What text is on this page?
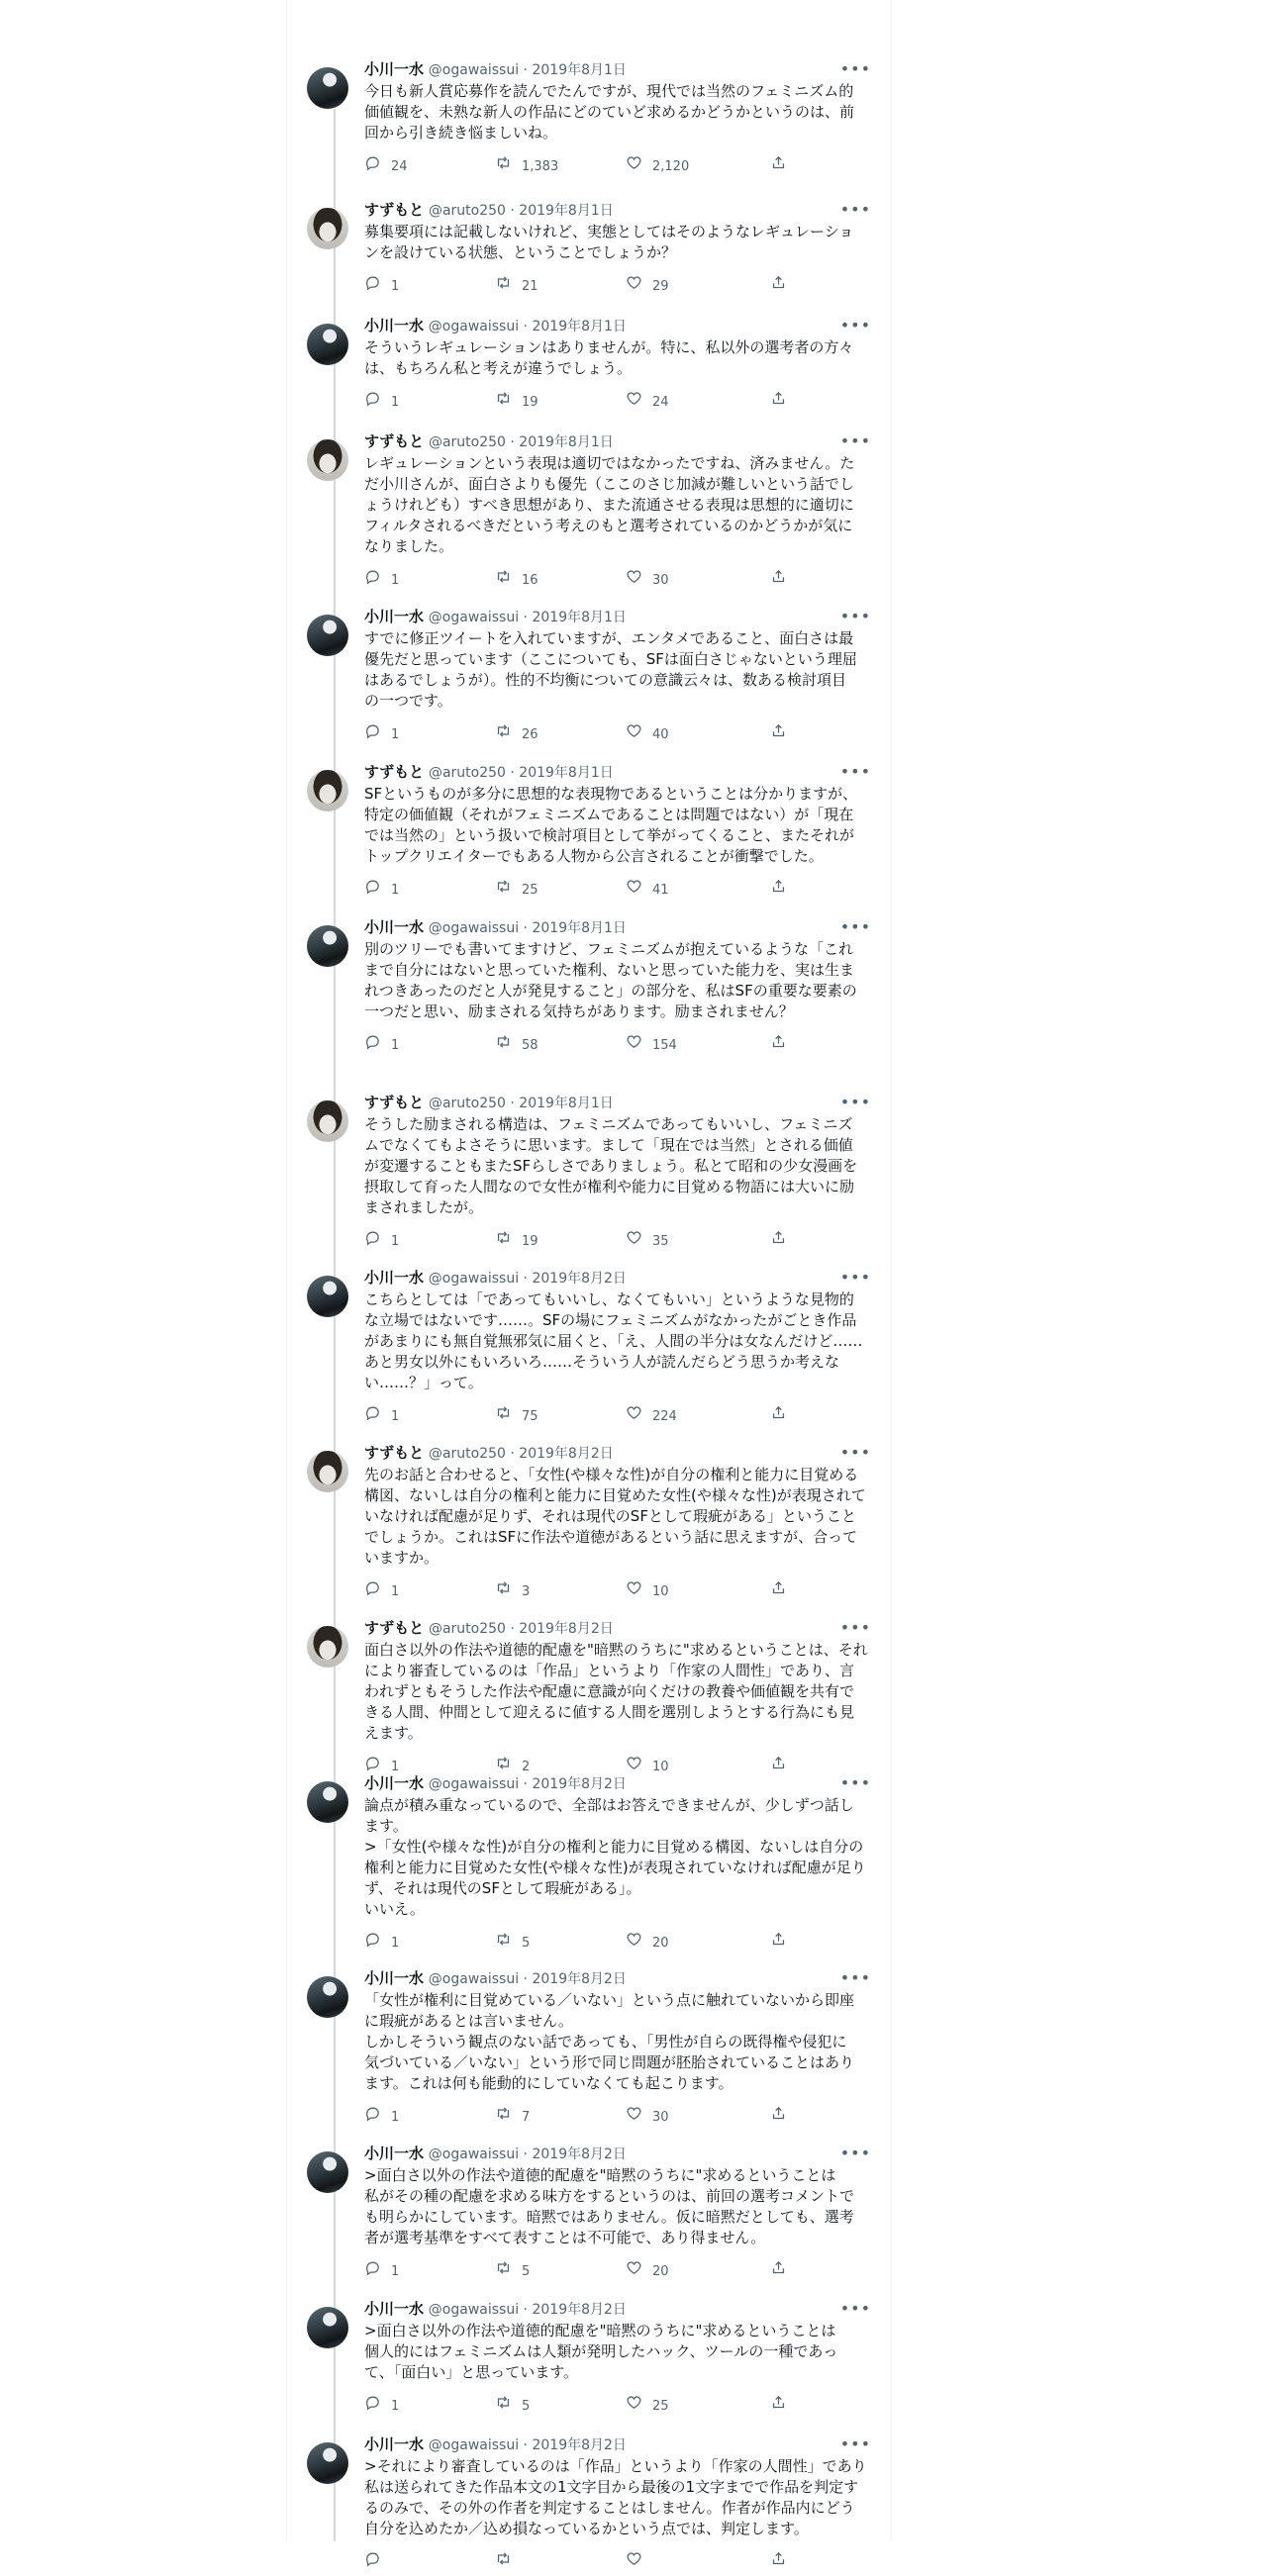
小川一水 @ogawaissui · 2019年8月1日	•••

今日も新人賞応募作を読んでたんですが、現代では当然のフェミニズム的
価値観を、未熟な新人の作品にどのていど求めるかどうかというのは、前
回から引き続き悩ましいね。

24	1,383	2,120
すずもと @aruto250 · 2019年8月1日	•••

募集要項には記載しないけれど、実態としてはそのようなレギュレーショ
ンを設けている状態、ということでしょうか？

1	21	29
小川一水 @ogawaissui · 2019年8月1日	•••

そういうレギュレーションはありませんが。特に、私以外の選考者の方々
は、もちろん私と考えが違うでしょう。

1	19	24
すずもと @aruto250 · 2019年8月1日	•••

レギュレーションという表現は適切ではなかったですね、済みません。た
だ小川さんが、面白さよりも優先（ここのさじ加減が難しいという話でし
ょうけれども）すべき思想があり、また流通させる表現は思想的に適切に
フィルタされるべきだという考えのもと選考されているのかどうかが気に
なりました。

1	16	30
小川一水 @ogawaissui · 2019年8月1日	•••

すでに修正ツイートを入れていますが、エンタメであること、面白さは最
優先だと思っています（ここについても、SFは面白さじゃないという理屈
はあるでしょうが）。性的不均衡についての意識云々は、数ある検討項目
の一つです。

1	26	40
すずもと @aruto250 · 2019年8月1日	•••

SFというものが多分に思想的な表現物であるということは分かりますが、
特定の価値観（それがフェミニズムであることは問題ではない）が「現在
では当然の」という扱いで検討項目として挙がってくること、またそれが
トップクリエイターでもある人物から公言されることが衝撃でした。

1	25	41
小川一水 @ogawaissui · 2019年8月1日	•••

別のツリーでも書いてますけど、フェミニズムが抱えているような「これ
まで自分にはないと思っていた権利、ないと思っていた能力を、実は生ま
れつきあったのだと人が発見すること」の部分を、私はSFの重要な要素の
一つだと思い、励まされる気持ちがあります。励まされません？

1	58	154
すずもと @aruto250 · 2019年8月1日	•••

そうした励まされる構造は、フェミニズムであってもいいし、フェミニズ
ムでなくてもよさそうに思います。まして「現在では当然」とされる価値
が変遷することもまたSFらしさでありましょう。私とて昭和の少女漫画を
摂取して育った人間なので女性が権利や能力に目覚める物語には大いに励
まされましたが。

1	19	35
小川一水 @ogawaissui · 2019年8月2日	•••

こちらとしては「であってもいいし、なくてもいい」というような見物的
な立場ではないです……。SFの場にフェミニズムがなかったがごとき作品
があまりにも無自覚無邪気に届くと、「え、人間の半分は女なんだけど……
あと男女以外にもいろいろ……そういう人が読んだらどう思うか考えな
い……？」って。

1	75	224
すずもと @aruto250 · 2019年8月2日	•••

先のお話と合わせると、「女性(や様々な性)が自分の権利と能力に目覚める
構図、ないしは自分の権利と能力に目覚めた女性(や様々な性)が表現されて
いなければ配慮が足りず、それは現代のSFとして瑕疵がある」ということ
でしょうか。これはSFに作法や道徳があるという話に思えますが、合って
いますか。

1	3	10
すずもと @aruto250 · 2019年8月2日	•••

面白さ以外の作法や道徳的配慮を"暗黙のうちに"求めるということは、それ
により審査しているのは「作品」というより「作家の人間性」であり、言
われずともそうした作法や配慮に意識が向くだけの教養や価値観を共有で
きる人間、仲間として迎えるに値する人間を選別しようとする行為にも見
えます。

1	2	10
小川一水 @ogawaissui · 2019年8月2日	•••

論点が積み重なっているので、全部はお答えできませんが、少しずつ話し
ます。
>「女性(や様々な性)が自分の権利と能力に目覚める構図、ないしは自分の
権利と能力に目覚めた女性(や様々な性)が表現されていなければ配慮が足り
ず、それは現代のSFとして瑕疵がある」。
いいえ。

1	5	20
小川一水 @ogawaissui · 2019年8月2日	•••

「女性が権利に目覚めている／いない」という点に触れていないから即座
に瑕疵があるとは言いません。
しかしそういう観点のない話であっても、「男性が自らの既得権や侵犯に
気づいている／いない」という形で同じ問題が胚胎されていることはあり
ます。これは何も能動的にしていなくても起こります。

1	7	30
小川一水 @ogawaissui · 2019年8月2日	•••

>面白さ以外の作法や道徳的配慮を"暗黙のうちに"求めるということは
私がその種の配慮を求める味方をするというのは、前回の選考コメントで
も明らかにしています。暗黙ではありません。仮に暗黙だとしても、選考
者が選考基準をすべて表すことは不可能で、あり得ません。

1	5	20
小川一水 @ogawaissui · 2019年8月2日	•••

>面白さ以外の作法や道徳的配慮を"暗黙のうちに"求めるということは
個人的にはフェミニズムは人類が発明したハック、ツールの一種であっ
て、「面白い」と思っています。

1	5	25
小川一水 @ogawaissui · 2019年8月2日	•••

>それにより審査しているのは「作品」というより「作家の人間性」であり
私は送られてきた作品本文の1文字目から最後の1文字までで作品を判定す
るのみで、その外の作者を判定することはしません。作者が作品内にどう
自分を込めたか／込め損なっているかという点では、判定します。
